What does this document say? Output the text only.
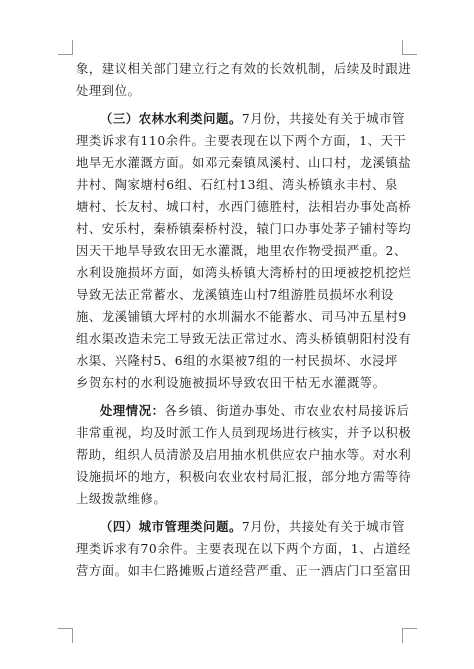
象，建议相关部门建立行之有效的长效机制，后续及时跟进
处理到位。
（三）农林水利类问题。7月份，共接处有关于城市管
理类诉求有110余件。主要表现在以下两个方面，1、天干
地旱无水灌溉方面。如邓元秦镇凤溪村、山口村，龙溪镇盐
井村、陶家塘村6组、石红村13组、湾头桥镇永丰村、泉
塘村、长友村、城口村，水西门德胜村，法相岩办事处高桥
村、安乐村，秦桥镇秦桥村没，辕门口办事处茅子铺村等均
因天干地旱导致农田无水灌溉，地里农作物受损严重。2、
水利设施损坏方面，如湾头桥镇大湾桥村的田埂被挖机挖烂
导致无法正常蓄水、龙溪镇连山村7组游胜员损坏水利设
施、龙溪铺镇大坪村的水圳漏水不能蓄水、司马冲五星村9
组水渠改造未完工导致无法正常过水、湾头桥镇朝阳村没有
水渠、兴隆村5、6组的水渠被7组的一村民损坏、水浸坪
乡贺东村的水利设施被损坏导致农田干枯无水灌溉等。
处理情况：各乡镇、街道办事处、市农业农村局接诉后
非常重视，均及时派工作人员到现场进行核实，并予以积极
帮助，组织人员清淤及启用抽水机供应农户抽水等。对水利
设施损坏的地方，积极向农业农村局汇报，部分地方需等待
上级拨款维修。
（四）城市管理类问题。7月份，共接处有关于城市管
理类诉求有70余件。主要表现在以下两个方面，1、占道经
营方面。如丰仁路摊贩占道经营严重、正一酒店门口至富田
